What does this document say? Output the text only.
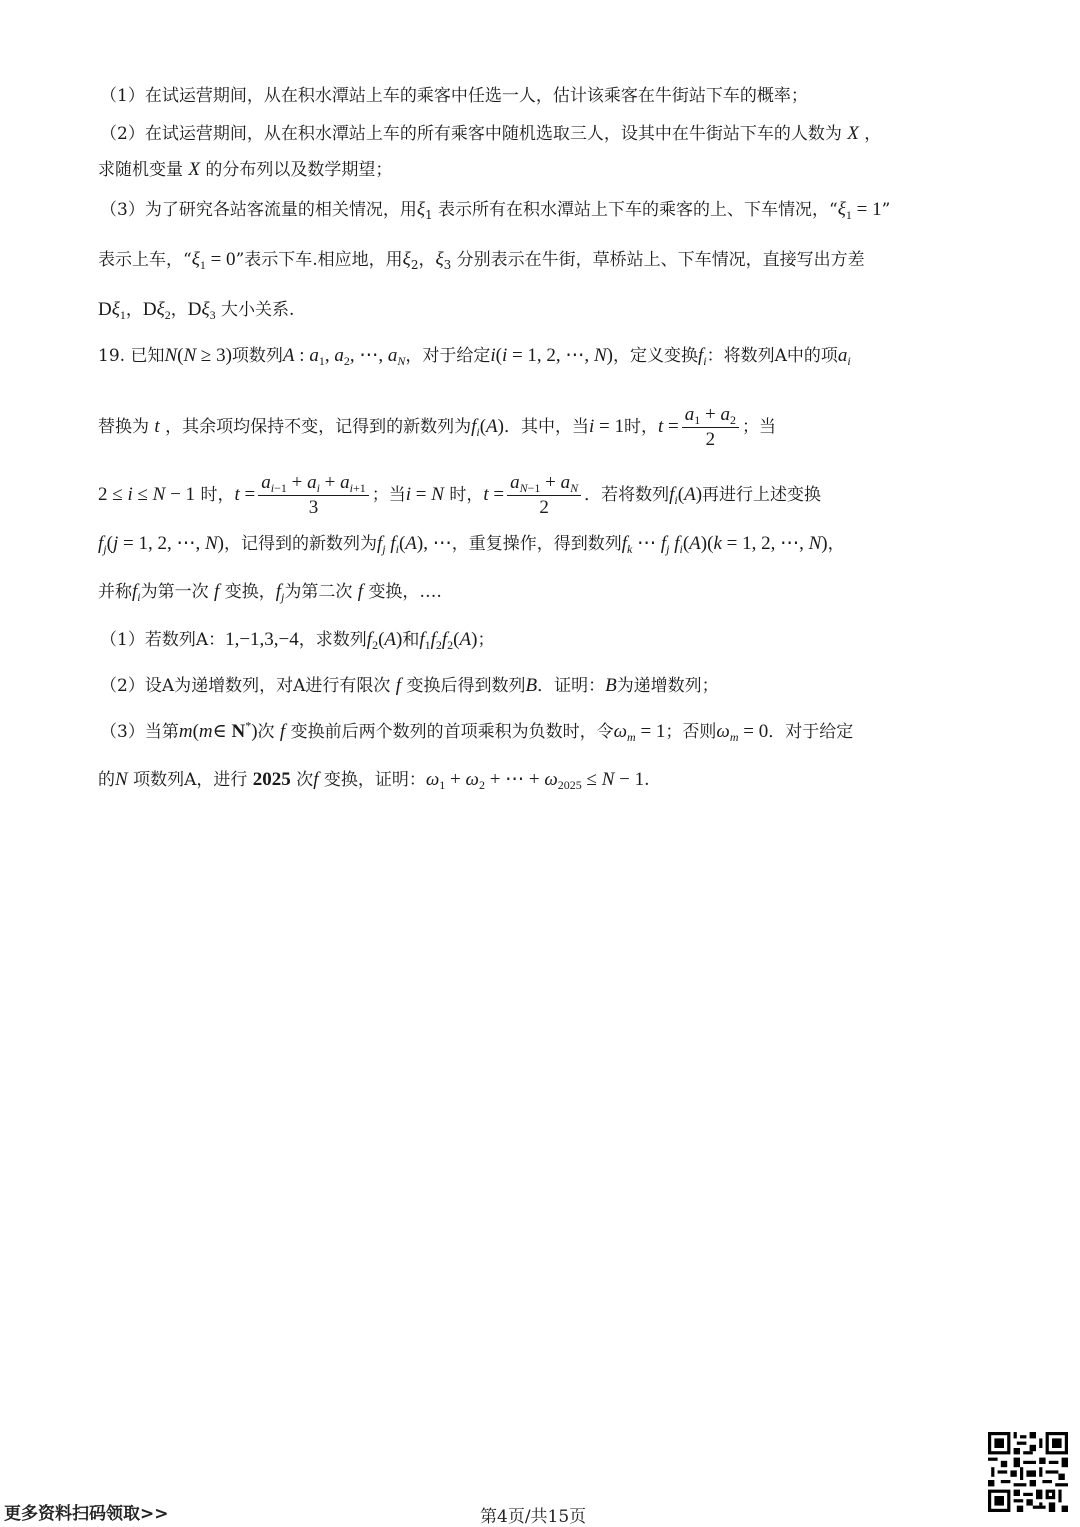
（1）在试运营期间，从在积水潭站上车的乘客中任选一人，估计该乘客在牛街站下车的概率；
（2）在试运营期间，从在积水潭站上车的所有乘客中随机选取三人，设其中在牛街站下车的人数为 X ，
求随机变量 X 的分布列以及数学期望；
（3）为了研究各站客流量的相关情况，用$\xi_1$ 表示所有在积水潭站上下车的乘客的上、下车情况，“$\xi_1 = 1$”
表示上车，“$\xi_1 = 0$”表示下车.相应地，用$\xi_2$，$\xi_3$ 分别表示在牛街，草桥站上、下车情况，直接写出方差
$D\xi_1$，$D\xi_2$，$D\xi_3$ 大小关系.
19. 已知N(N ≥ 3)项数列A : $a_1$, $a_2$, ⋯, $a_N$，对于给定i(i = 1, 2, ⋯, N)，定义变换$f_i$：将数列A中的项$a_i$
替换为 t ，其余项均保持不变，记得到的新数列为$f_i(A)$．其中，当i = 1时，$t = \frac{a_1 + a_2}{2}$ ；当
2 ≤ i ≤ N − 1 时，$t = \frac{a_{i-1} + a_i + a_{i+1}}{3}$ ；当i = N 时，$t = \frac{a_{N-1} + a_N}{2}$ ．若将数列$f_i(A)$再进行上述变换
$f_j(j = 1$, 2, ⋯, N)，记得到的新数列为$f_j$ $f_i(A)$, ⋯，重复操作，得到数列$f_k$ ⋯ $f_j$ $f_i(A)(k = 1$, 2, ⋯, N)，
并称$f_i$为第一次 f 变换，$f_j$为第二次 f 变换，….
（1）若数列A：1,−1,3,−4，求数列$f_2(A)$和$f_1f_2f_2(A)$；
（2）设A为递增数列，对A进行有限次 f 变换后得到数列B．证明：B为递增数列；
（3）当第m(m∈ N*)次 f 变换前后两个数列的首项乘积为负数时，令$\omega_m = 1$；否则$\omega_m = 0$．对于给定
的N 项数列A，进行 2025 次f 变换，证明：$\omega_1 + \omega_2$ + ⋯ + $\omega_{2025} \le N - 1$.
更多资料扫码领取>>	第4页/共15页
